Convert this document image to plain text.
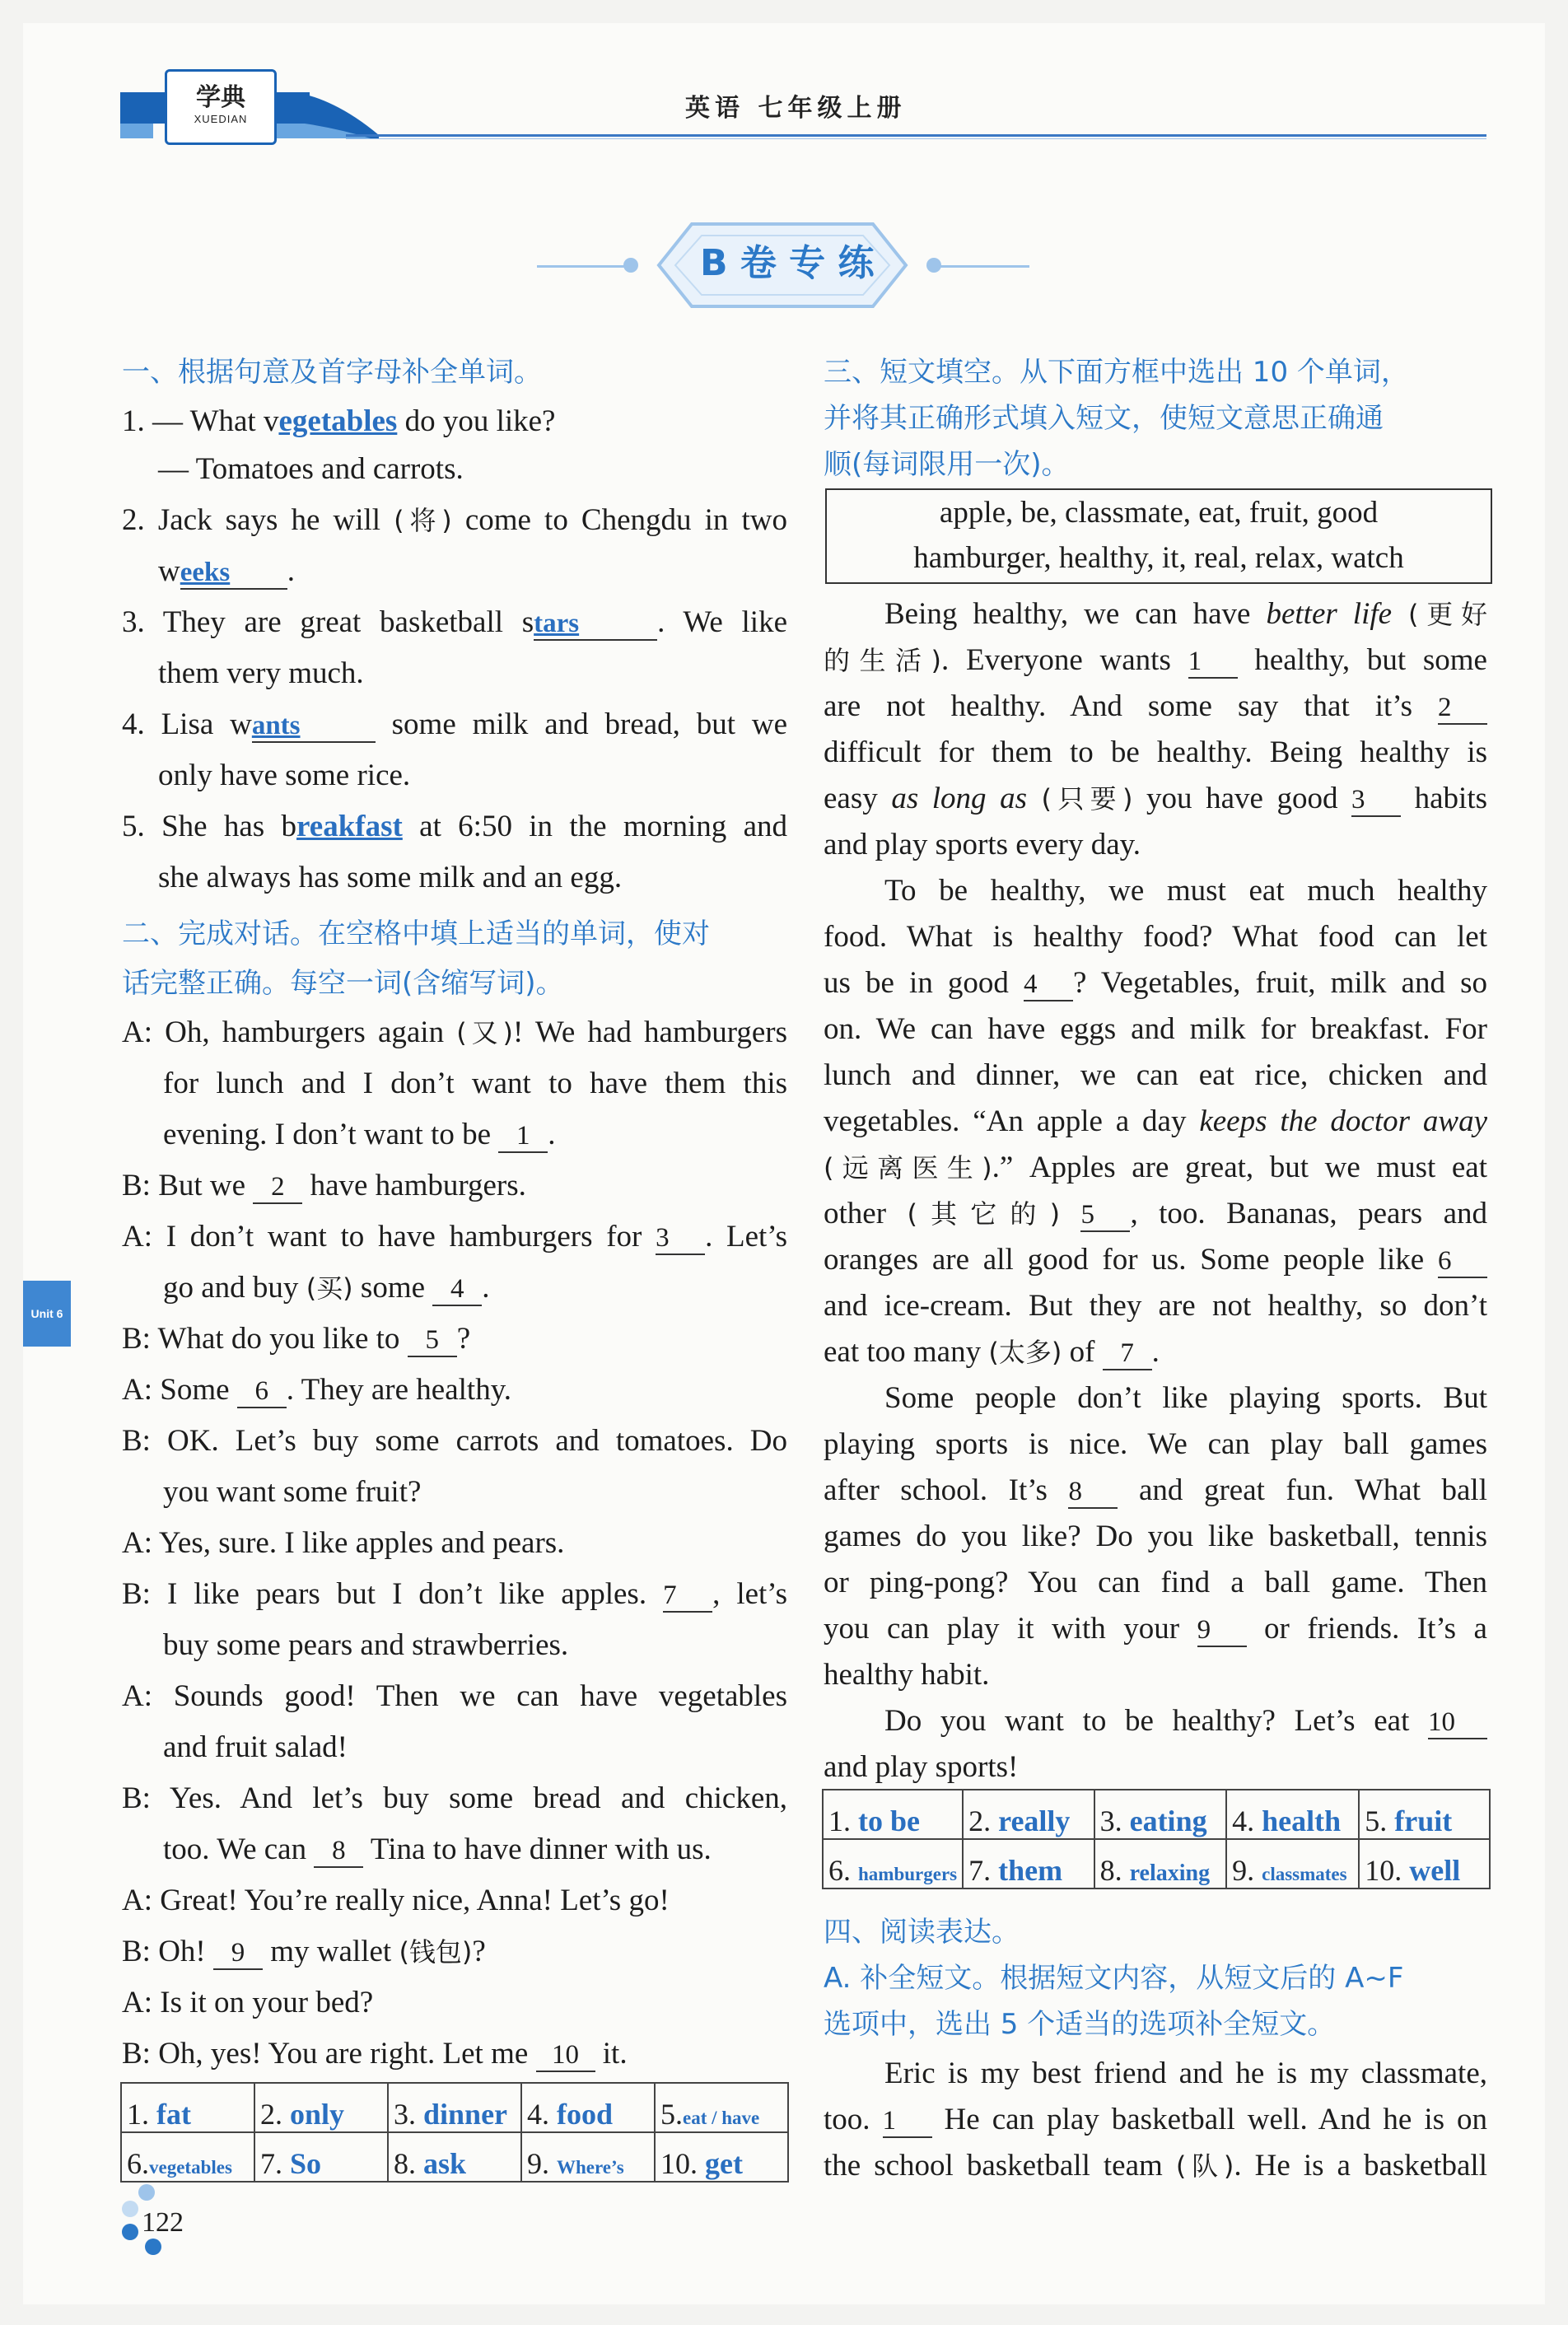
学典
XUEDIAN	英语 七年级上册
B 卷 专 练
Unit 6
一、根据句意及首字母补全单词。
1. — What vegetables do you like?
— Tomatoes and carrots.
2. Jack says he will (将) come to Chengdu in two
weeks .
3. They are great basketball stars	. We like
them very much.
4. Lisa wants some milk and bread, but we
only have some rice.
5. She has breakfast at 6:50 in the morning and
she always has some milk and an egg.
二、完成对话。在空格中填上适当的单词，使对
话完整正确。每空一词(含缩写词)。
A: Oh, hamburgers again (又)! We had hamburgers
for lunch and I don’t want to have them this
evening. I don’t want to be 1 .
B: But we 2 have hamburgers.
A: I don’t want to have hamburgers for 3 . Let’s
go and buy (买) some 4 .
B: What do you like to 5 ?
A: Some 6 . They are healthy.
B: OK. Let’s buy some carrots and tomatoes. Do
you want some fruit?
A: Yes, sure. I like apples and pears.
B: I like pears but I don’t like apples. 7 , let’s
buy some pears and strawberries.
A: Sounds good! Then we can have vegetables
and fruit salad!
B: Yes. And let’s buy some bread and chicken,
too. We can 8 Tina to have dinner with us.
A: Great! You’re really nice, Anna! Let’s go!
B: Oh! 9 my wallet (钱包)?
A: Is it on your bed?
B: Oh, yes! You are right. Let me 10 it.
1. fat	2. only	3. dinner	4. food	5.eat / have
6.vegetables	7. So	8. ask	9. Where’s	10. get
122
三、短文填空。从下面方框中选出 10 个单词，
并将其正确形式填入短文，使短文意思正确通
顺(每词限用一次)。
apple, be, classmate, eat, fruit, good
hamburger, healthy, it, real, relax, watch
Being healthy, we can have better life (更好
的生活). Everyone wants 1 healthy, but some
are not healthy. And some say that it’s 2
difficult for them to be healthy. Being healthy is
easy as long as (只要) you have good 3 habits
and play sports every day.
To be healthy, we must eat much healthy
food. What is healthy food? What food can let
us be in good 4 ? Vegetables, fruit, milk and so
on. We can have eggs and milk for breakfast. For
lunch and dinner, we can eat rice, chicken and
vegetables. “An apple a day keeps the doctor away
(远离医生).” Apples are great, but we must eat
other (其它的) 5 , too. Bananas, pears and
oranges are all good for us. Some people like 6
and ice-cream. But they are not healthy, so don’t
eat too many (太多) of 7 .
Some people don’t like playing sports. But
playing sports is nice. We can play ball games
after school. It’s 8 and great fun. What ball
games do you like? Do you like basketball, tennis
or ping-pong? You can find a ball game. Then
you can play it with your 9 or friends. It’s a
healthy habit.
Do you want to be healthy? Let’s eat 10
and play sports!
1. to be	2. really	3. eating	4. health	5. fruit
6. hamburgers	7. them	8. relaxing	9. classmates	10. well
四、阅读表达。
A. 补全短文。根据短文内容，从短文后的 A~F
选项中，选出 5 个适当的选项补全短文。
Eric is my best friend and he is my classmate,
too. 1 He can play basketball well. And he is on
the school basketball team (队). He is a basketball
